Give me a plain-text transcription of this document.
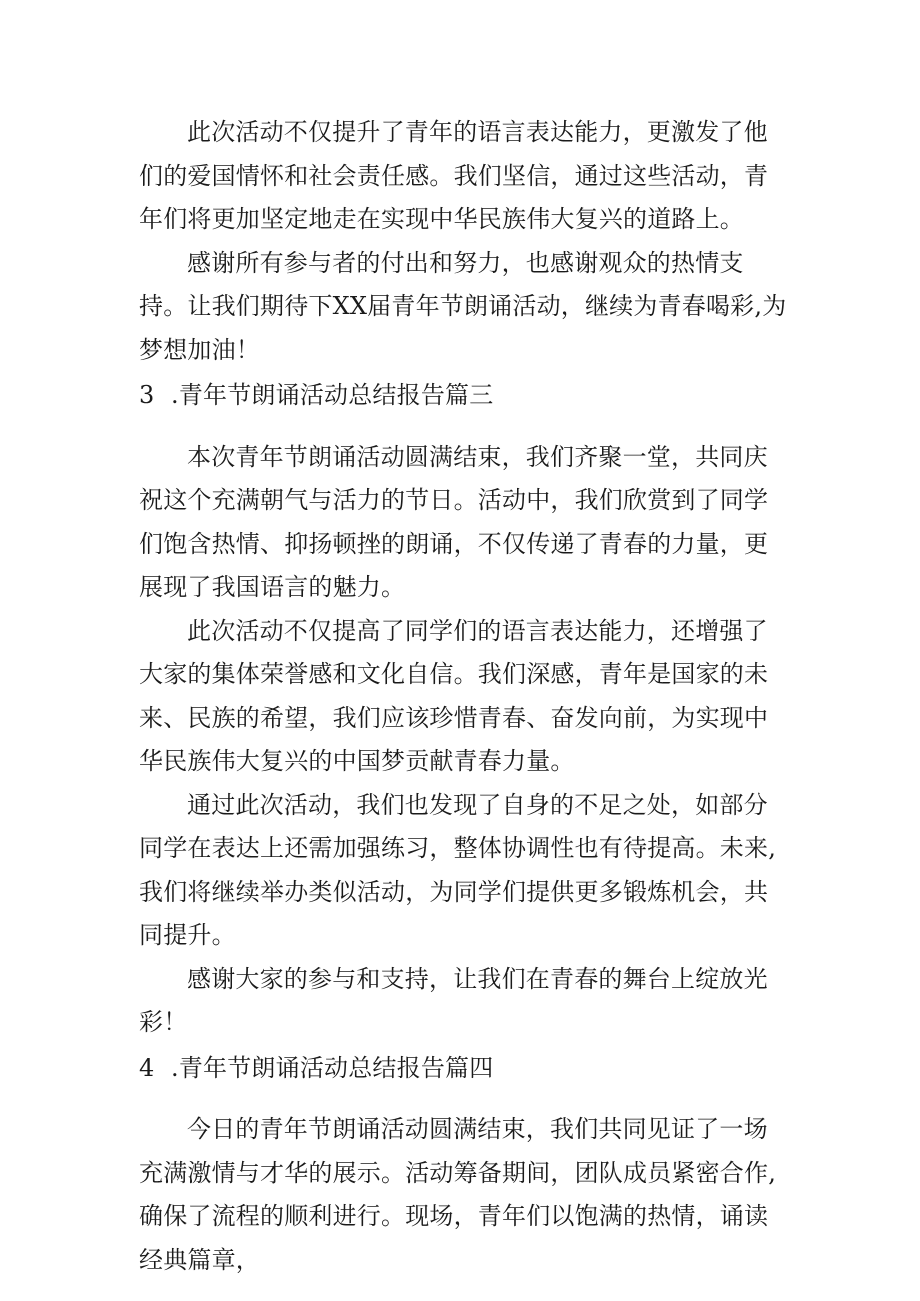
此次活动不仅提升了青年的语言表达能力，更激发了他们的爱国情怀和社会责任感。我们坚信，通过这些活动，青年们将更加坚定地走在实现中华民族伟大复兴的道路上。

感谢所有参与者的付出和努力，也感谢观众的热情支持。让我们期待下XX届青年节朗诵活动，继续为青春喝彩,为梦想加油！

3 .青年节朗诵活动总结报告篇三

本次青年节朗诵活动圆满结束，我们齐聚一堂，共同庆祝这个充满朝气与活力的节日。活动中，我们欣赏到了同学们饱含热情、抑扬顿挫的朗诵，不仅传递了青春的力量，更展现了我国语言的魅力。

此次活动不仅提高了同学们的语言表达能力，还增强了大家的集体荣誉感和文化自信。我们深感，青年是国家的未来、民族的希望，我们应该珍惜青春、奋发向前，为实现中华民族伟大复兴的中国梦贡献青春力量。

通过此次活动，我们也发现了自身的不足之处，如部分同学在表达上还需加强练习，整体协调性也有待提高。未来,我们将继续举办类似活动，为同学们提供更多锻炼机会，共同提升。

感谢大家的参与和支持，让我们在青春的舞台上绽放光彩！

4 .青年节朗诵活动总结报告篇四

今日的青年节朗诵活动圆满结束，我们共同见证了一场充满激情与才华的展示。活动筹备期间，团队成员紧密合作,确保了流程的顺利进行。现场，青年们以饱满的热情，诵读经典篇章，
